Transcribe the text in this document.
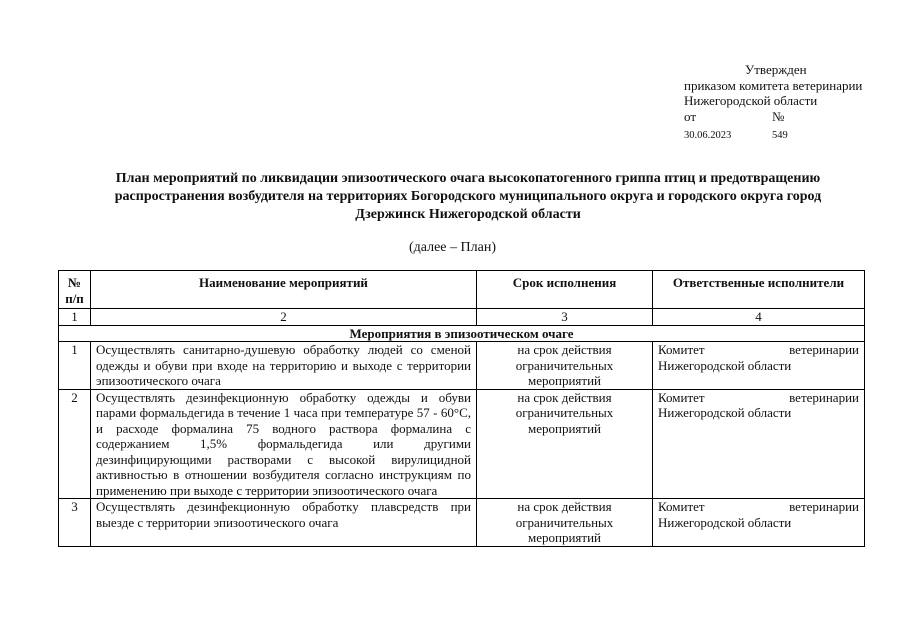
Утвержден
приказом комитета ветеринарии
Нижегородской области
от	№
30.06.2023	549
План мероприятий по ликвидации эпизоотического очага высокопатогенного гриппа птиц и предотвращению распространения возбудителя на территориях Богородского муниципального округа и городского округа город Дзержинск Нижегородской области
(далее – План)
№ п/п	Наименование мероприятий	Срок исполнения	Ответственные исполнители
1	2	3	4
Мероприятия в эпизоотическом очаге			
1	Осуществлять санитарно-душевую обработку людей со сменой одежды и обуви при входе на территорию и выходе с территории эпизоотического очага	на срок действия ограничительных мероприятий	Комитет ветеринарии Нижегородской области
2	Осуществлять дезинфекционную обработку одежды и обуви парами формальдегида в течение 1 часа при температуре 57 - 60°С, и расходе формалина 75 водного раствора формалина с содержанием 1,5% формальдегида или другими дезинфицирующими растворами с высокой вирулицидной активностью в отношении возбудителя согласно инструкциям по применению при выходе с территории эпизоотического очага	на срок действия ограничительных мероприятий	Комитет ветеринарии Нижегородской области
3	Осуществлять дезинфекционную обработку плавсредств при выезде с территории эпизоотического очага	на срок действия ограничительных мероприятий	Комитет ветеринарии Нижегородской области
